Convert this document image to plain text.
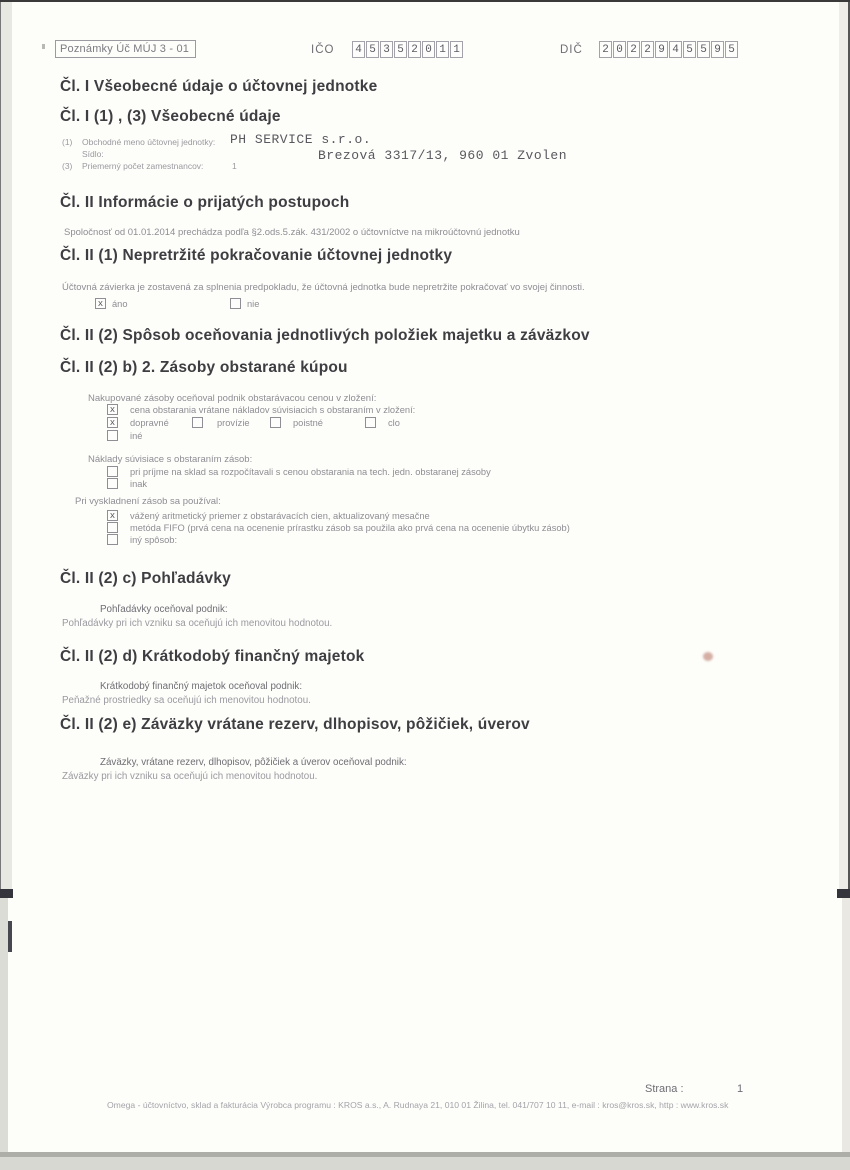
Poznámky Úč MÚJ 3 - 01	IČO 4 5 3 5 2 0 1 1	DIČ 2 0 2 2 9 4 5 5 9 5
Čl. I Všeobecné údaje o účtovnej jednotke
Čl. I (1) , (3) Všeobecné údaje
(1) Obchodné meno účtovnej jednotky: PH SERVICE s.r.o.
Sídlo:	Brezová 3317/13, 960 01 Zvolen
(3) Priemerný počet zamestnancov:	1
Čl. II Informácie o prijatých postupoch
Spoločnosť od 01.01.2014 prechádza podľa §2.ods.5.zák. 431/2002 o účtovníctve na mikroúčtovnú jednotku
Čl. II (1) Nepretržité pokračovanie účtovnej jednotky
Účtovná závierka je zostavená za splnenia predpokladu, že účtovná jednotka bude nepretržite pokračovať vo svojej činnosti.
x áno	nie
Čl. II (2) Spôsob oceňovania jednotlivých položiek majetku a záväzkov
Čl. II (2) b) 2. Zásoby obstarané kúpou
Nakupované zásoby oceňoval podnik obstarávacou cenou v zložení:
x	cena obstarania vrátane nákladov súvisiacich s obstaraním v zložení:
x	dopravné	provízie	poistné	clo
iné
Náklady súvisiace s obstaraním zásob:
pri príjme na sklad sa rozpočítavali s cenou obstarania na tech. jedn. obstaranej zásoby
inak
Pri vyskladnení zásob sa používal:
x	vážený aritmetický priemer z obstarávacích cien, aktualizovaný mesačne
metóda FIFO (prvá cena na ocenenie prírastku zásob sa použila ako prvá cena na ocenenie úbytku zásob)
iný spôsob:
Čl. II (2) c) Pohľadávky
Pohľadávky oceňoval podnik:
Pohľadávky pri ich vzniku sa oceňujú ich menovitou hodnotou.
Čl. II (2) d) Krátkodobý finančný majetok
Krátkodobý finančný majetok oceňoval podnik:
Peňažné prostriedky sa oceňujú ich menovitou hodnotou.
Čl. II (2) e) Záväzky vrátane rezerv, dlhopisov, pôžičiek, úverov
Záväzky, vrátane rezerv, dlhopisov, pôžičiek a úverov oceňoval podnik:
Záväzky pri ich vzniku sa oceňujú ich menovitou hodnotou.
Strana :	1
Omega - účtovníctvo, sklad a fakturácia Výrobca programu : KROS a.s., A. Rudnaya 21, 010 01 Žilina, tel. 041/707 10 11, e-mail : kros@kros.sk, http : www.kros.sk
